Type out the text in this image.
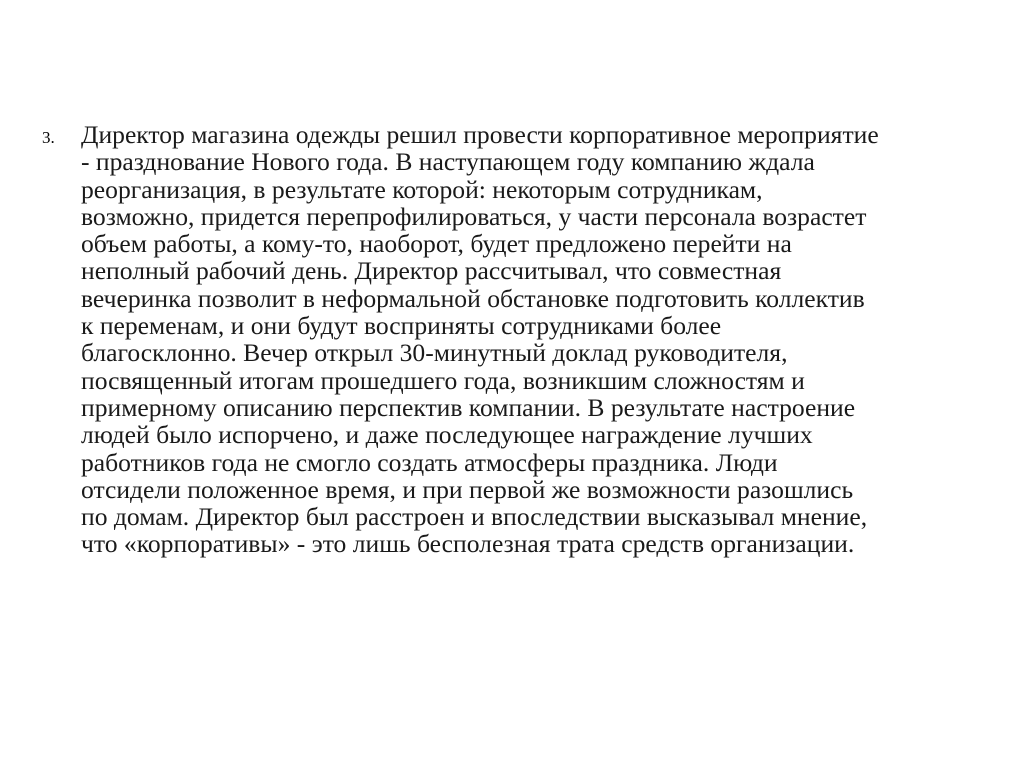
3.	Директор магазина одежды решил провести корпоративное мероприятие
- празднование Нового года. В наступающем году компанию ждала
реорганизация, в результате которой: некоторым сотрудникам,
возможно, придется перепрофилироваться, у части персонала возрастет
объем работы, а кому-то, наоборот, будет предложено перейти на
неполный рабочий день. Директор рассчитывал, что совместная
вечеринка позволит в неформальной обстановке подготовить коллектив
к переменам, и они будут восприняты сотрудниками более
благосклонно. Вечер открыл 30-минутный доклад руководителя,
посвященный итогам прошедшего года, возникшим сложностям и
примерному описанию перспектив компании. В результате настроение
людей было испорчено, и даже последующее награждение лучших
работников года не смогло создать атмосферы праздника. Люди
отсидели положенное время, и при первой же возможности разошлись
по домам. Директор был расстроен и впоследствии высказывал мнение,
что «корпоративы» - это лишь бесполезная трата средств организации.
